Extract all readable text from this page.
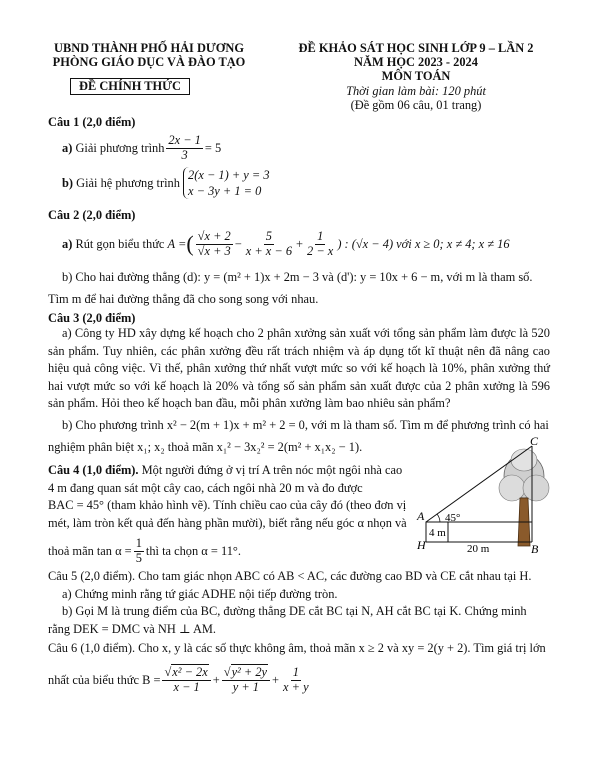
UBND THÀNH PHỐ HẢI DƯƠNG
PHÒNG GIÁO DỤC VÀ ĐÀO TẠO
ĐỀ CHÍNH THỨC
ĐỀ KHẢO SÁT HỌC SINH LỚP 9 – LẦN 2
NĂM HỌC 2023 - 2024
MÔN TOÁN
Thời gian làm bài: 120 phút
(Đề gồm 06 câu, 01 trang)
Câu 1 (2,0 điểm)
a)
Giải phương trình $\frac{2x - 1}{3} = 5$
b)
Giải hệ phương trình

2(x − 1) + y = 3
x − 3y + 1 = 0
Câu 2 (2,0 điểm)
a)
Rút gọn biểu thức
A = ( $\frac{√x + 2}{√x + 3} - \frac{5}{x + x - 6} + \frac{1}{2 - x}$ ) : (√x − 4) với x ≥ 0; x ≠ 4; x ≠ 16
b) Cho hai đường thẳng (d): y = (m² + 1)x + 2m − 3 và (d'): y = 10x + 6 − m, với m là tham số.
Tìm m để hai đường thẳng đã cho song song với nhau.
Câu 3 (2,0 điểm)
a) Công ty HD xây dựng kế hoạch cho 2 phân xưởng sản xuất với tổng sản phẩm làm được là 520 sản phẩm. Tuy nhiên, các phân xưởng đều rất trách nhiệm và áp dụng tốt kĩ thuật nên đã nâng cao hiệu quả công việc. Vì thế, phân xưởng thứ nhất vượt mức so với kế hoạch là 10%, phân xưởng thứ hai vượt mức so với kế hoạch là 20% và tổng số sản phẩm sản xuất được của 2 phân xưởng là 596 sản phẩm. Hỏi theo kế hoạch ban đầu, mỗi phân xưởng làm bao nhiêu sản phẩm?
b) Cho phương trình x² − 2(m + 1)x + m² + 2 = 0, với m là tham số. Tìm m để phương trình có hai
nghiệm phân biệt x₁; x₂ thoả mãn x₁² − 3x₂² = 2(m² + x₁x₂ − 1).
Câu 4 (1,0 điểm). Một người đứng ở vị trí A trên nóc một ngôi nhà cao
4 m đang quan sát một cây cao, cách ngôi nhà 20 m và đo được
BAC = 45° (tham khảo hình vẽ). Tính chiều cao của cây đó (theo đơn vị
mét, làm tròn kết quả đến hàng phần mười), biết rằng nếu góc α nhọn và
thoả mãn $\tan \alpha = \frac{1}{5}$ thì ta chọn α = 11°.
C
A
H	B
45°
4 m
20 m
Câu 5 (2,0 điểm). Cho tam giác nhọn ABC có AB < AC, các đường cao BD và CE cắt nhau tại H.
a) Chứng minh rằng tứ giác ADHE nội tiếp đường tròn.
b) Gọi M là trung điểm của BC, đường thẳng DE cắt BC tại N, AH cắt BC tại K. Chứng minh
rằng DEK = DMC và NH ⊥ AM.
Câu 6 (1,0 điểm). Cho x, y là các số thực không âm, thoả mãn x ≥ 2 và xy = 2(y + 2). Tìm giá trị lớn
nhất của biểu thức $B = \frac{\text{√x² − 2x}}{x - 1} + \frac{\text{√y² + 2y}}{y + 1} + \frac{1}{x + y}$
